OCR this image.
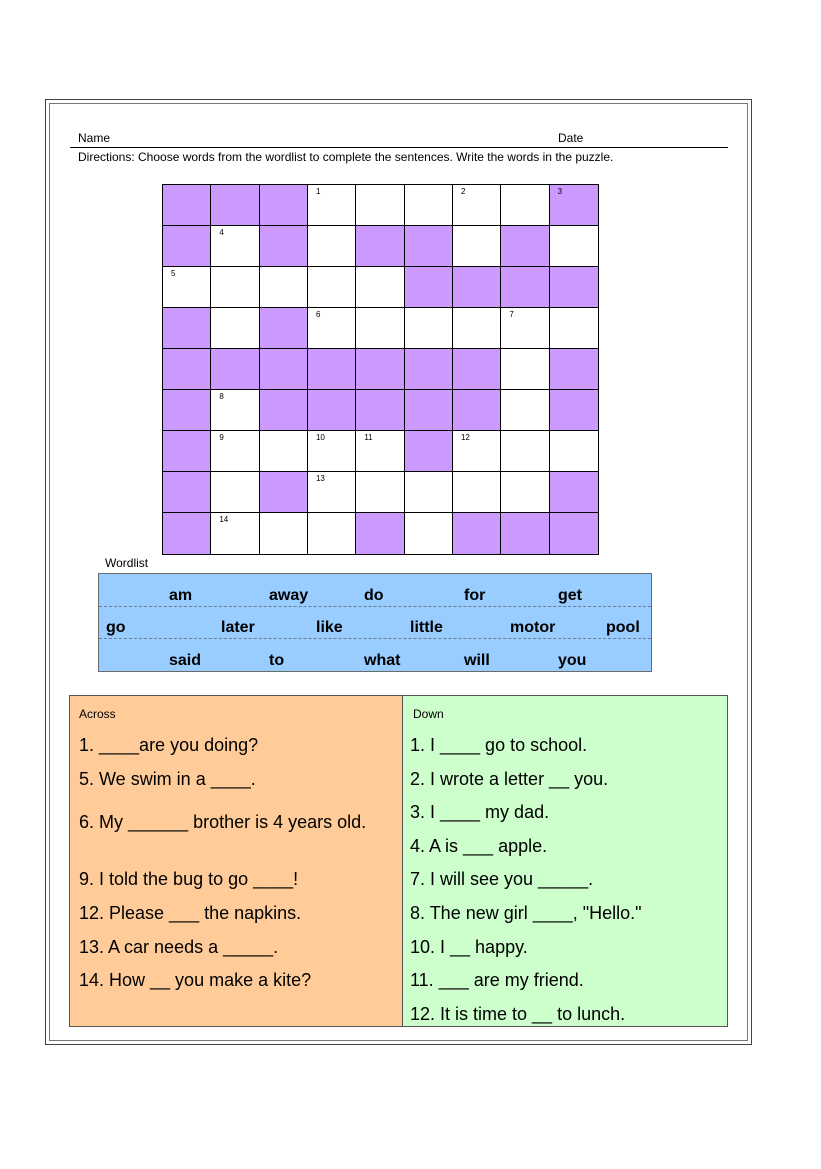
Name	Date
Directions: Choose words from the wordlist to complete the sentences. Write the words in the puzzle.
1	2	3
4
5
6	7
8
9	10	11	12
13
14
Wordlist
am	away	do	for	get
go	later	like	little	motor	pool
said	to	what	will	you
Across
1. ____are you doing?
5. We swim in a ____.
6. My ______ brother is 4 years old.
9. I told the bug to go ____!
12. Please ___ the napkins.
13. A car needs a _____.
14. How __ you make a kite?
Down
1. I ____ go to school.
2. I wrote a letter __ you.
3. I ____ my dad.
4. A is ___ apple.
7. I will see you _____.
8. The new girl ____, "Hello."
10. I __ happy.
11. ___ are my friend.
12. It is time to __ to lunch.
